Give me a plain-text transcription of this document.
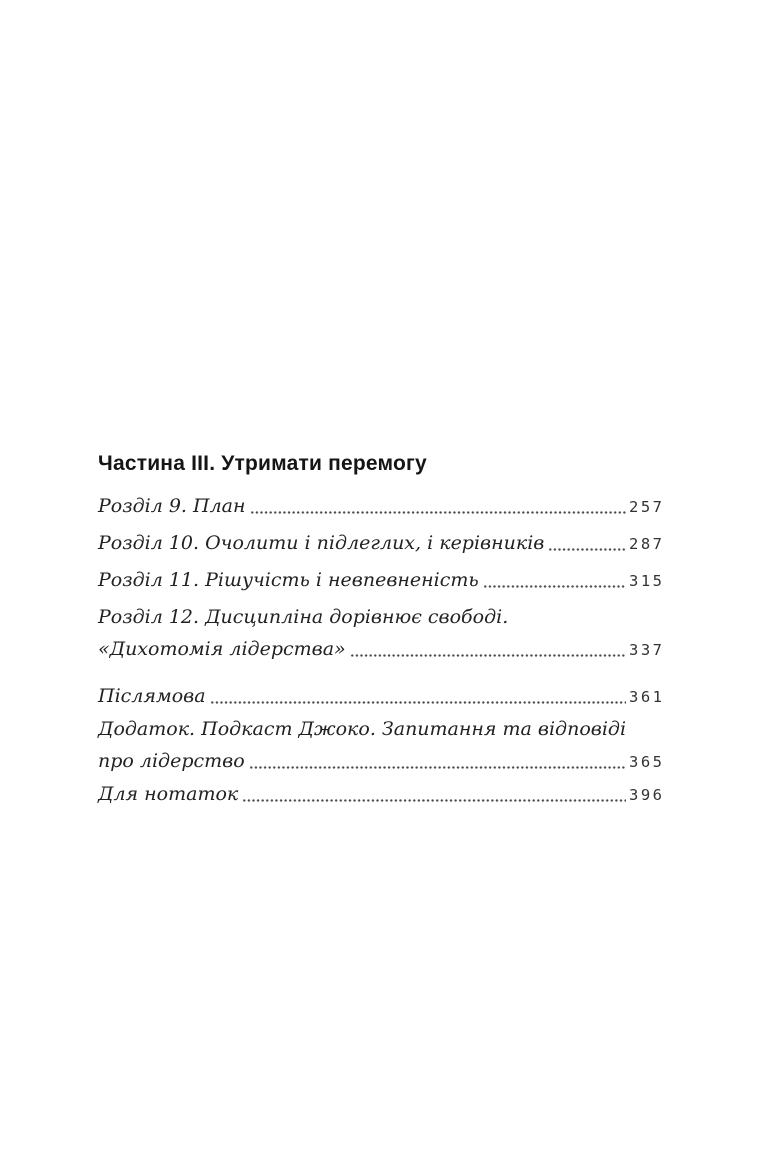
Частина III. Утримати перемогу
Розділ 9. План	257
Розділ 10. Очолити і підлеглих, і керівників	287
Розділ 11. Рішучість і невпевненість	315
Розділ 12. Дисципліна дорівнює свободі.
«Дихотомія лідерства»	337
Післямова	361
Додаток. Подкаст Джоко. Запитання та відповіді
про лідерство	365
Для нотаток	396
